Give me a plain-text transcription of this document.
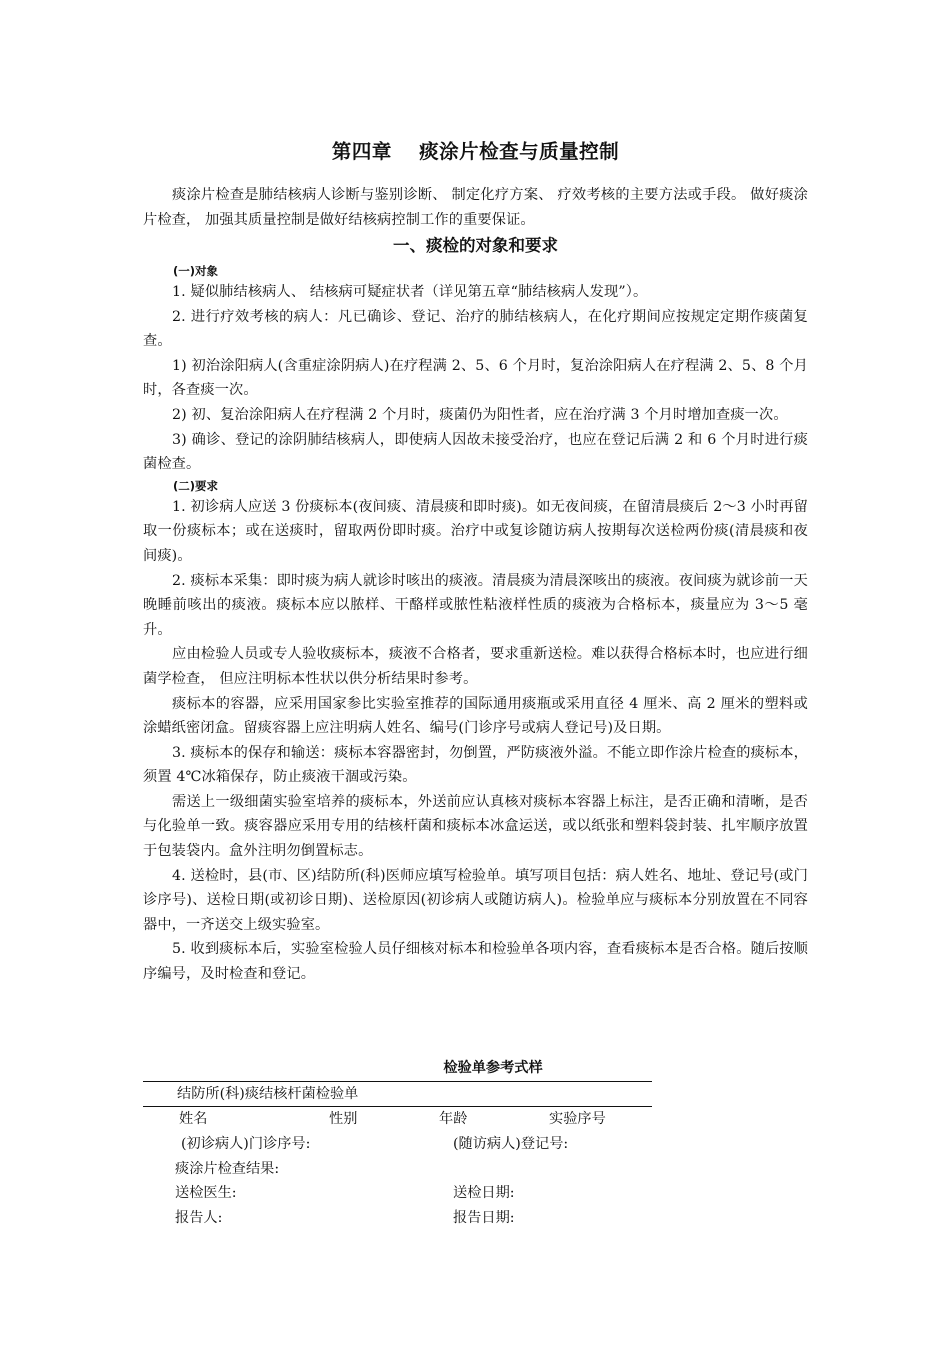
第四章　 痰涂片检查与质量控制

痰涂片检查是肺结核病人诊断与鉴别诊断、 制定化疗方案、 疗效考核的主要方法或手段。 做好痰涂片检查， 加强其质量控制是做好结核病控制工作的重要保证。

一、痰检的对象和要求
(一)对象

1. 疑似肺结核病人、 结核病可疑症状者（详见第五章“肺结核病人发现”）。

2. 进行疗效考核的病人：凡已确诊、登记、治疗的肺结核病人，在化疗期间应按规定定期作痰菌复查。

1) 初治涂阳病人(含重症涂阴病人)在疗程满 2、5、6 个月时，复治涂阳病人在疗程满 2、5、8 个月时，各查痰一次。

2) 初、复治涂阳病人在疗程满 2 个月时，痰菌仍为阳性者，应在治疗满 3 个月时增加查痰一次。

3) 确诊、登记的涂阴肺结核病人，即使病人因故未接受治疗，也应在登记后满 2 和 6 个月时进行痰菌检查。

(二)要求

1. 初诊病人应送 3 份痰标本(夜间痰、清晨痰和即时痰)。如无夜间痰，在留清晨痰后 2～3 小时再留取一份痰标本；或在送痰时，留取两份即时痰。治疗中或复诊随访病人按期每次送检两份痰(清晨痰和夜间痰)。

2. 痰标本采集：即时痰为病人就诊时咳出的痰液。清晨痰为清晨深咳出的痰液。夜间痰为就诊前一天晚睡前咳出的痰液。痰标本应以脓样、干酪样或脓性粘液样性质的痰液为合格标本，痰量应为 3～5 毫升。

应由检验人员或专人验收痰标本，痰液不合格者，要求重新送检。难以获得合格标本时，也应进行细菌学检查， 但应注明标本性状以供分析结果时参考。

痰标本的容器，应采用国家参比实验室推荐的国际通用痰瓶或采用直径 4 厘米、高 2 厘米的塑料或涂蜡纸密闭盒。留痰容器上应注明病人姓名、编号(门诊序号或病人登记号)及日期。

3. 痰标本的保存和输送：痰标本容器密封，勿倒置，严防痰液外溢。不能立即作涂片检查的痰标本，须置 4℃冰箱保存，防止痰液干涸或污染。

需送上一级细菌实验室培养的痰标本，外送前应认真核对痰标本容器上标注，是否正确和清晰，是否与化验单一致。痰容器应采用专用的结核杆菌和痰标本冰盒运送，或以纸张和塑料袋封装、扎牢顺序放置于包装袋内。盒外注明勿倒置标志。

4. 送检时，县(市、区)结防所(科)医师应填写检验单。填写项目包括：病人姓名、地址、登记号(或门诊序号)、送检日期(或初诊日期)、送检原因(初诊病人或随访病人)。检验单应与痰标本分别放置在不同容器中，一齐送交上级实验室。

5. 收到痰标本后，实验室检验人员仔细核对标本和检验单各项内容，查看痰标本是否合格。随后按顺序编号，及时检查和登记。

检验单参考式样
结防所(科)痰结核杆菌检验单
姓名	性别	年龄	实验序号
(初诊病人)门诊序号:	(随访病人)登记号:
痰涂片检查结果:
送检医生:	送检日期:
报告人:	报告日期:
